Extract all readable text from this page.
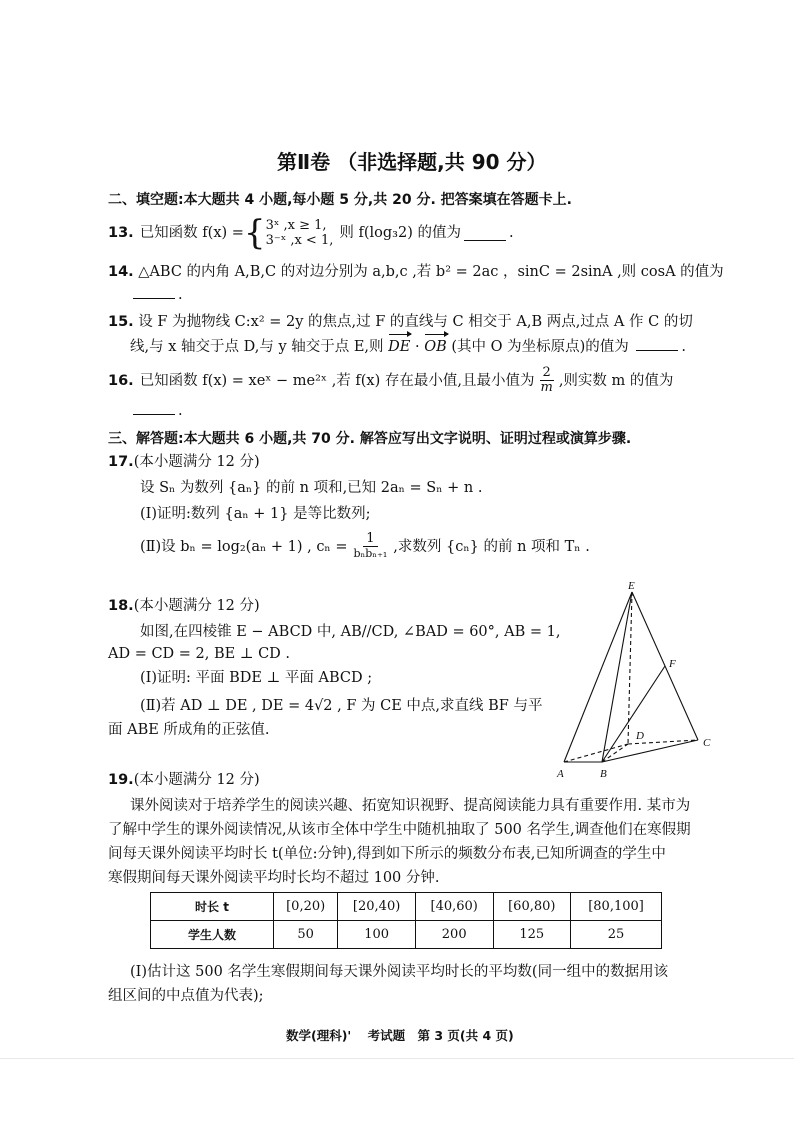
第Ⅱ卷 （非选择题,共 90 分）
二、填空题:本大题共 4 小题,每小题 5 分,共 20 分. 把答案填在答题卡上.
13. 已知函数 f(x) = { 3ˣ ,x ≥ 1,
3⁻ˣ ,x < 1, 则 f(log₃2) 的值为	.
14. △ABC 的内角 A,B,C 的对边分别为 a,b,c ,若 b² = 2ac ，sinC = 2sinA ,则 cosA 的值为
.
15. 设 F 为抛物线 C:x² = 2y 的焦点,过 F 的直线与 C 相交于 A,B 两点,过点 A 作 C 的切
线,与 x 轴交于点 D,与 y 轴交于点 E,则 DE · OB (其中 O 为坐标原点)的值为	.
16. 已知函数 f(x) = xeˣ − me²ˣ ,若 f(x) 存在最小值,且最小值为 $\frac{2}{m}$ ,则实数 m 的值为
.
三、解答题:本大题共 6 小题,共 70 分. 解答应写出文字说明、证明过程或演算步骤.
17.(本小题满分 12 分)
设 Sₙ 为数列 {aₙ} 的前 n 项和,已知 2aₙ = Sₙ + n .
(Ⅰ)证明:数列 {aₙ + 1} 是等比数列;
(Ⅱ)设 bₙ = log₂(aₙ + 1) , $c_n = \frac{1}{\text{bₙbₙ₊₁}}$ ,求数列 {cₙ} 的前 n 项和 Tₙ .
18.(本小题满分 12 分)
如图,在四棱锥 E − ABCD 中, AB//CD, ∠BAD = 60°, AB = 1,
AD = CD = 2, BE ⊥ CD .
(Ⅰ)证明: 平面 BDE ⊥ 平面 ABCD ;
(Ⅱ)若 AD ⊥ DE , DE = 4√2 , F 为 CE 中点,求直线 BF 与平
面 ABE 所成角的正弦值.
E
F
D
C
A	B
19.(本小题满分 12 分)
课外阅读对于培养学生的阅读兴趣、拓宽知识视野、提高阅读能力具有重要作用. 某市为
了解中学生的课外阅读情况,从该市全体中学生中随机抽取了 500 名学生,调查他们在寒假期
间每天课外阅读平均时长 t(单位:分钟),得到如下所示的频数分布表,已知所调查的学生中
寒假期间每天课外阅读平均时长均不超过 100 分钟.
时长 t	[0,20)	[20,40)	[40,60)	[60,80)	[80,100]
学生人数	50	100	200	125	25
(Ⅰ)估计这 500 名学生寒假期间每天课外阅读平均时长的平均数(同一组中的数据用该
组区间的中点值为代表);
数学(理科)' 考试题 第 3 页(共 4 页)
